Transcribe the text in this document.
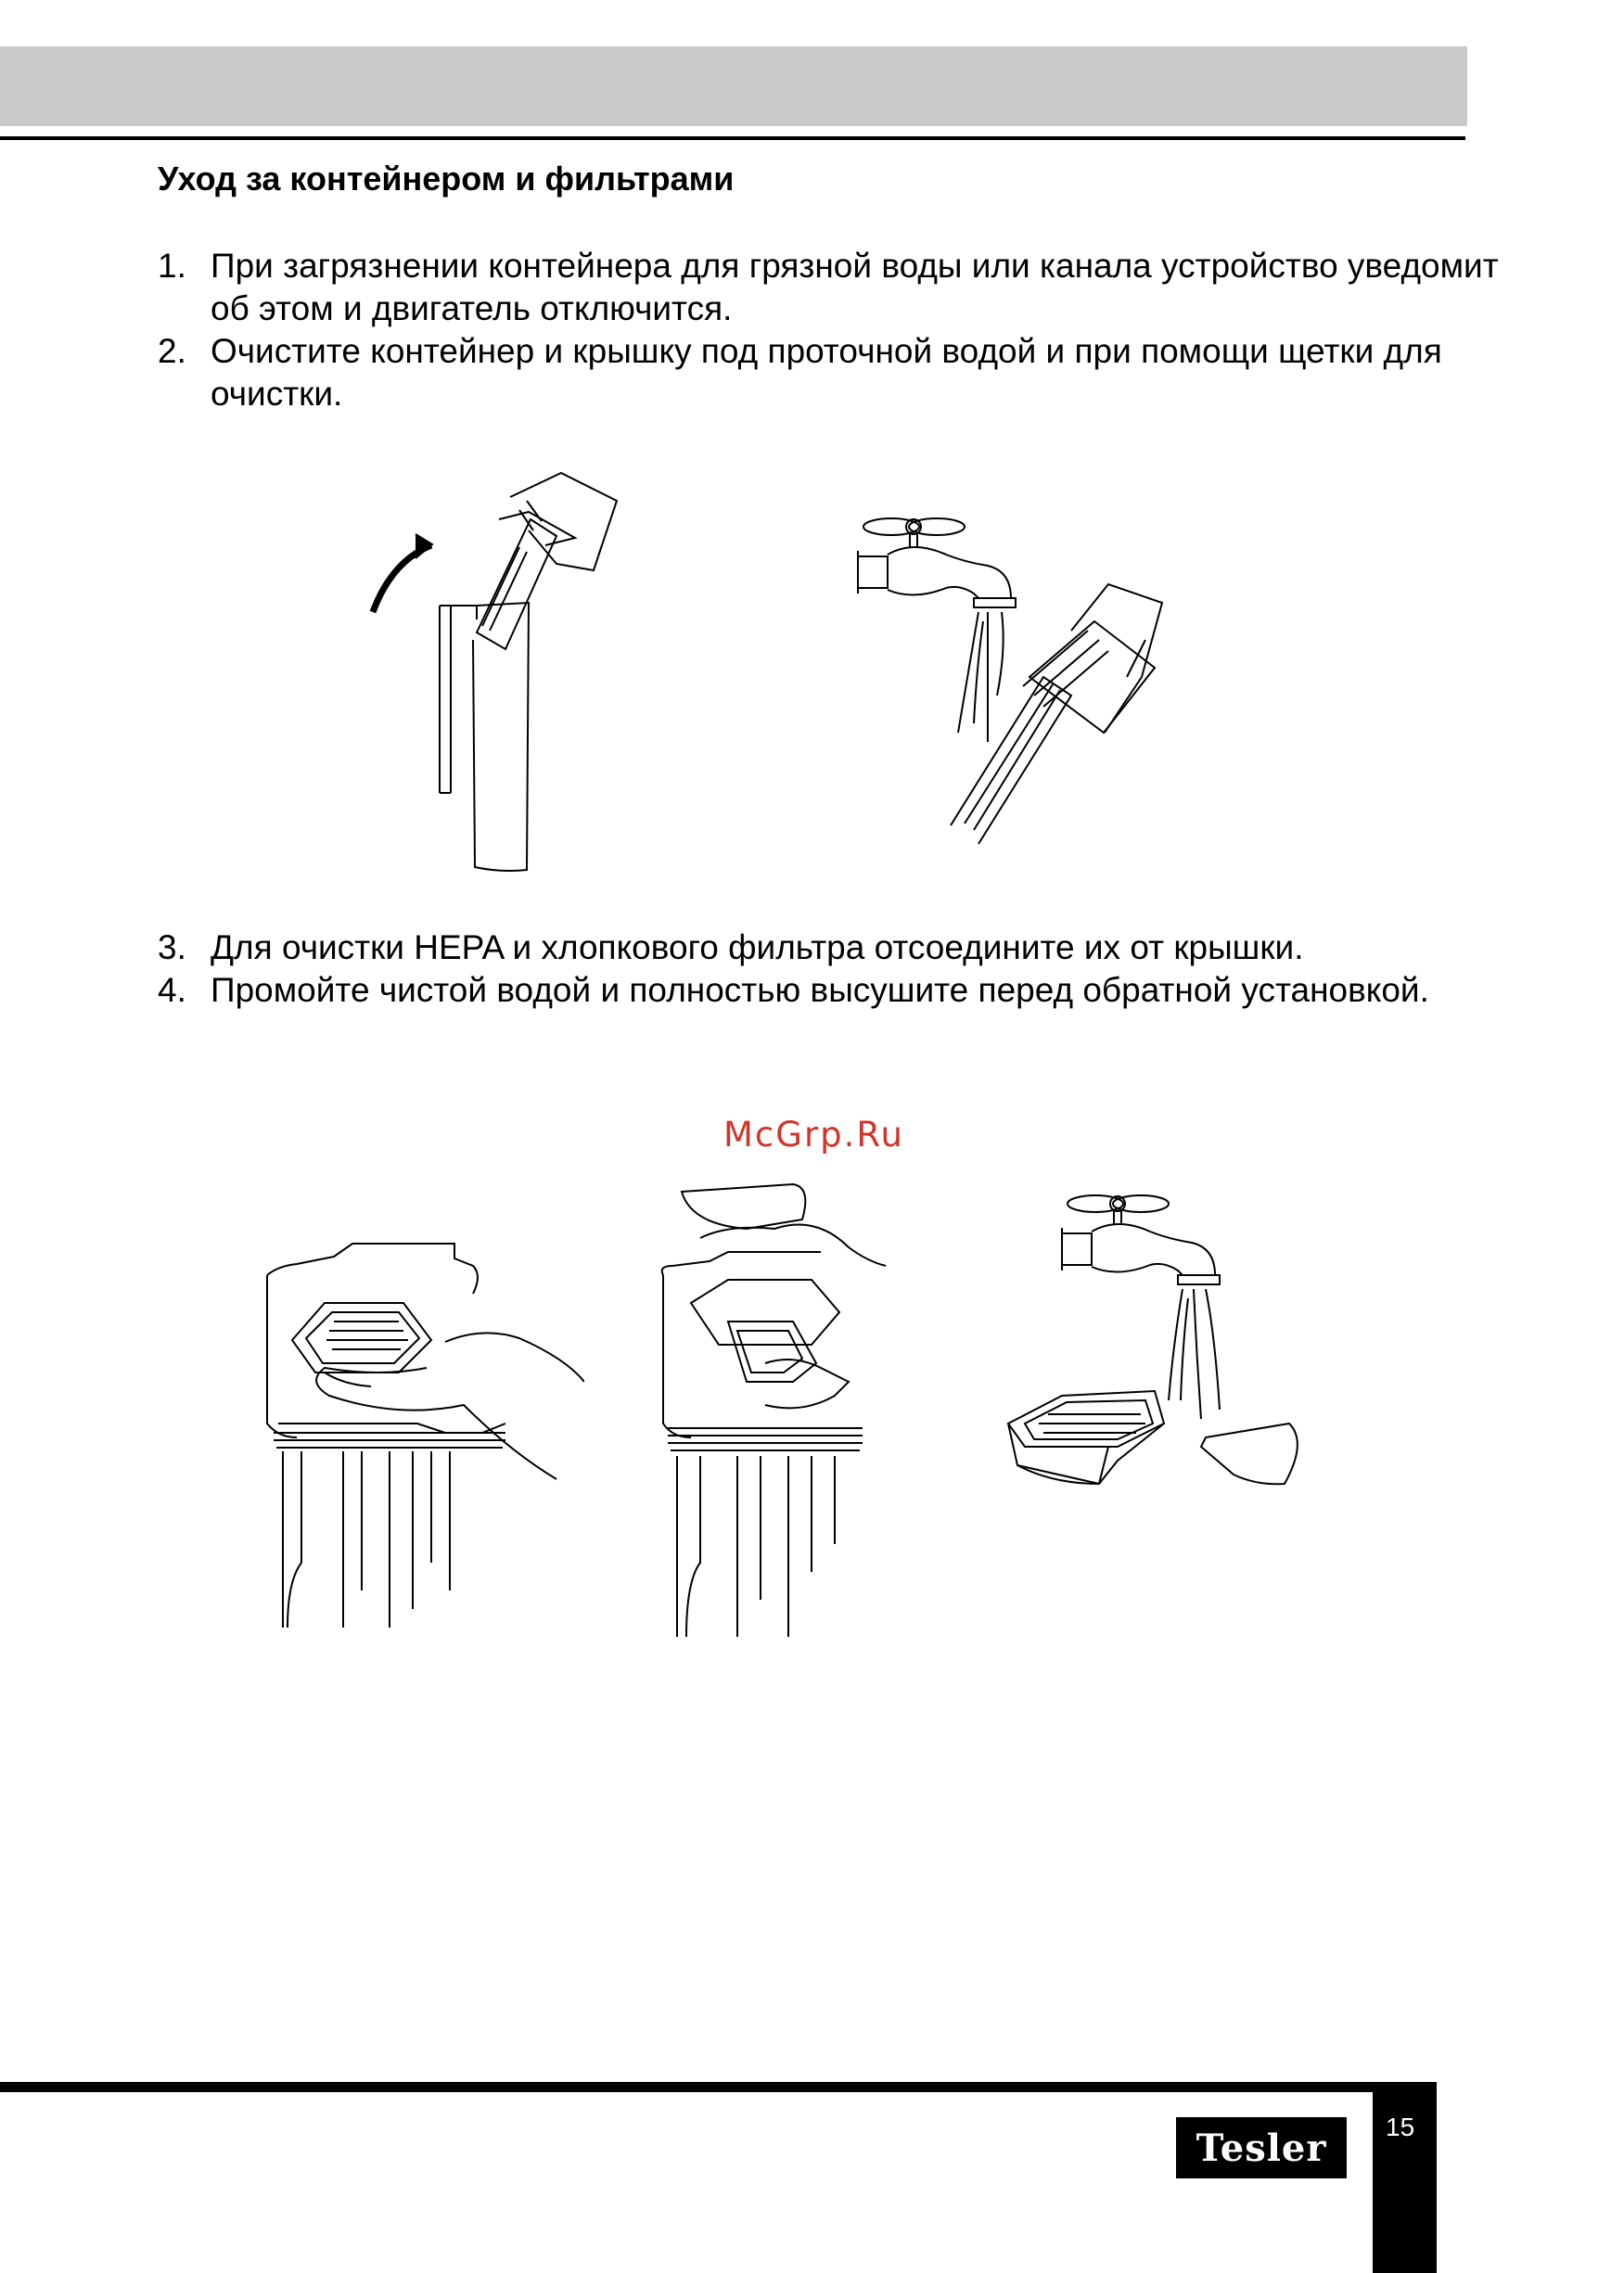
Уход за контейнером и фильтрами
1. При загрязнении контейнера для грязной воды или канала устройство уведомит об этом и двигатель отключится.
2. Очистите контейнер и крышку под проточной водой и при помощи щетки для очистки.
3. Для очистки HEPA и хлопкового фильтра отсоедините их от крышки.
4. Промойте чистой водой и полностью высушите перед обратной установкой.
McGrp.Ru
15
Tesler
